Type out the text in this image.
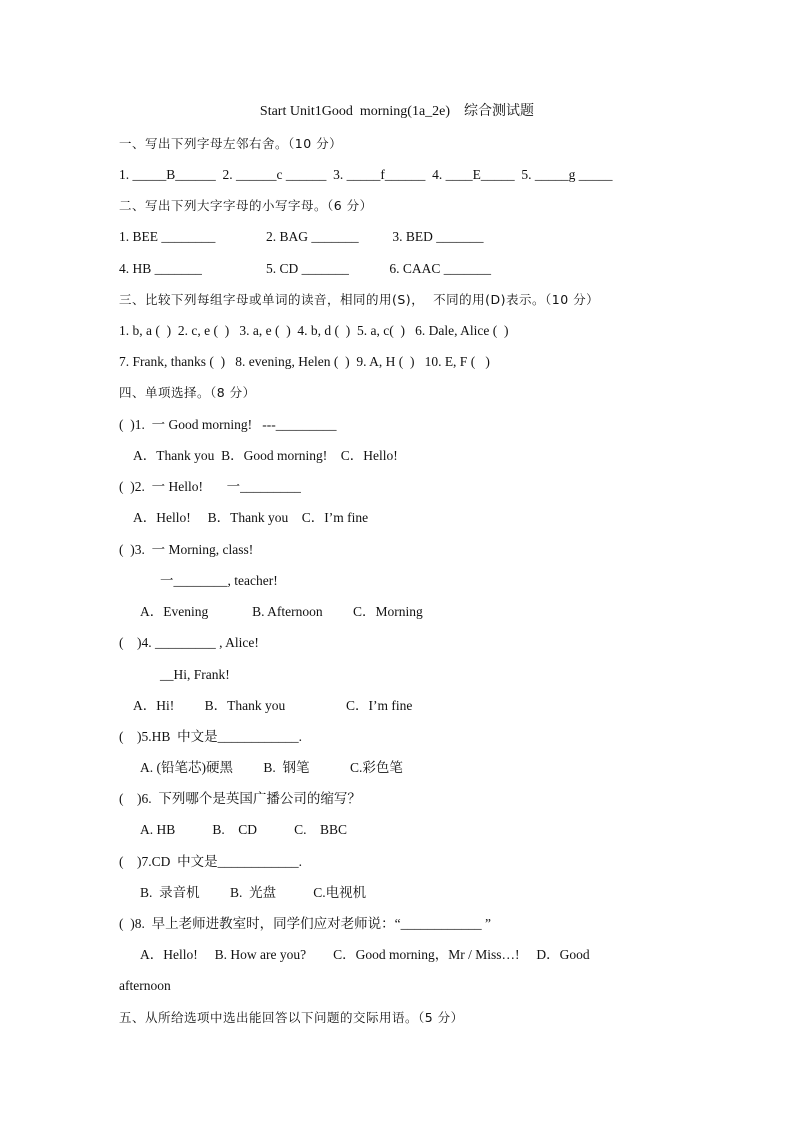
Start Unit1Good  morning(1a_2e)    综合测试题
一、写出下列字母左邻右舍。（10 分）
1. _____B______  2. ______c ______  3. _____f______  4. ____E_____  5. _____g _____
二、写出下列大字字母的小写字母。（6 分）
1. BEE ________               2. BAG _______          3. BED _______
4. HB _______                   5. CD _______            6. CAAC _______
三、比较下列每组字母或单词的读音，相同的用(S)，  不同的用(D)表示。（10 分）
1. b, a (  )  2. c, e (  )   3. a, e (  )  4. b, d (  )  5. a, c(  )   6. Dale, Alice (  )
7. Frank, thanks (  )   8. evening, Helen (  )  9. A, H (  )   10. E, F (   )
四、单项选择。（8 分）
(  )1.  一 Good morning!   ---_________
A．Thank you  B．Good morning!    C．Hello!
(  )2.  一 Hello!       一_________
A．Hello!     B．Thank you    C．I’m fine
(  )3.  一 Morning, class!
一________, teacher!
A．Evening             B. Afternoon         C．Morning
(    )4. _________ , Alice!
__Hi, Frank!
A．Hi!         B．Thank you                  C．I’m fine
(    )5.HB  中文是____________.
A. (铅笔芯)硬黑         B.  钢笔            C.彩色笔
(    )6.  下列哪个是英国广播公司的缩写？
A. HB           B.    CD           C.    BBC
(    )7.CD  中文是____________.
B.  录音机         B.  光盘           C.电视机
(  )8.  早上老师进教室时，同学们应对老师说：“____________ ”
A．Hello!     B. How are you?        C．Good morning，Mr / Miss…!     D．Good
afternoon
五、从所给选项中选出能回答以下问题的交际用语。（5 分）
